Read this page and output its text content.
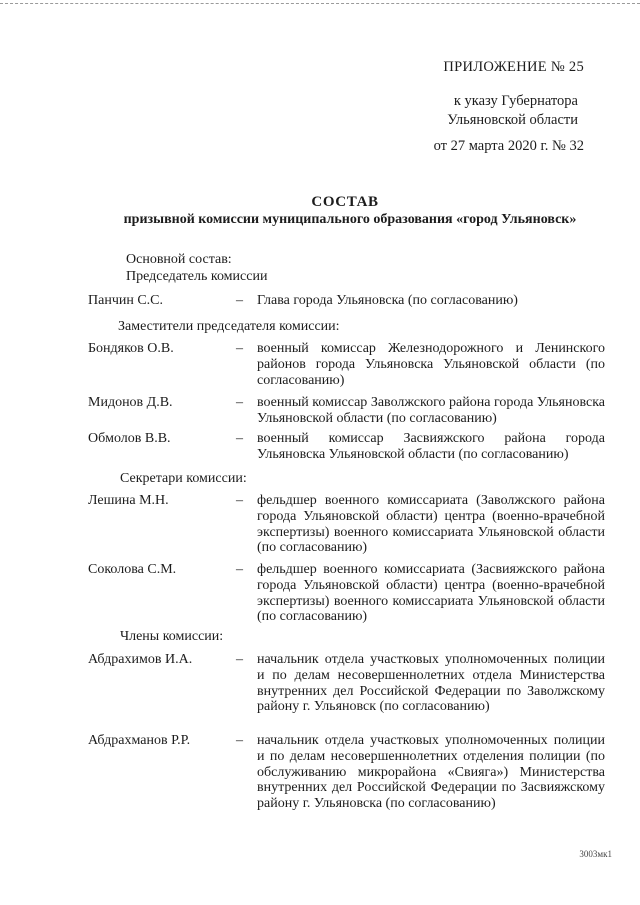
ПРИЛОЖЕНИЕ № 25
к указу Губернатора
Ульяновской области
от 27 марта 2020 г. № 32
СОСТАВ
призывной комиссии муниципального образования «город Ульяновск»
Основной состав:
Председатель комиссии
Панчин С.С.	– Глава города Ульяновска (по согласованию)
Заместители председателя комиссии:
Бондяков О.В.	– военный комиссар Железнодорожного и Ленинского районов города Ульяновска Ульяновской области (по согласованию)
Мидонов Д.В.	– военный комиссар Заволжского района города Ульяновска Ульяновской области (по согласованию)
Обмолов В.В.	– военный комиссар Засвияжского района города Ульяновска Ульяновской области (по согласованию)
Секретари комиссии:
Лешина М.Н.	– фельдшер военного комиссариата (Заволжского района города Ульяновской области) центра (военно-врачебной экспертизы) военного комиссариата Ульяновской области (по согласованию)
Соколова С.М.	– фельдшер военного комиссариата (Засвияжского района города Ульяновской области) центра (военно-врачебной экспертизы) военного комиссариата Ульяновской области (по согласованию)
Члены комиссии:
Абдрахимов И.А.	– начальник отдела участковых уполномоченных полиции и по делам несовершеннолетних отдела Министерства внутренних дел Российской Федерации по Заволжскому району г. Ульяновск (по согласованию)
Абдрахманов Р.Р.	– начальник отдела участковых уполномоченных полиции и по делам несовершеннолетних отделения полиции (по обслуживанию микрорайона «Свияга») Министерства внутренних дел Российской Федерации по Засвияжскому району г. Ульяновска (по согласованию)
3003мк1
